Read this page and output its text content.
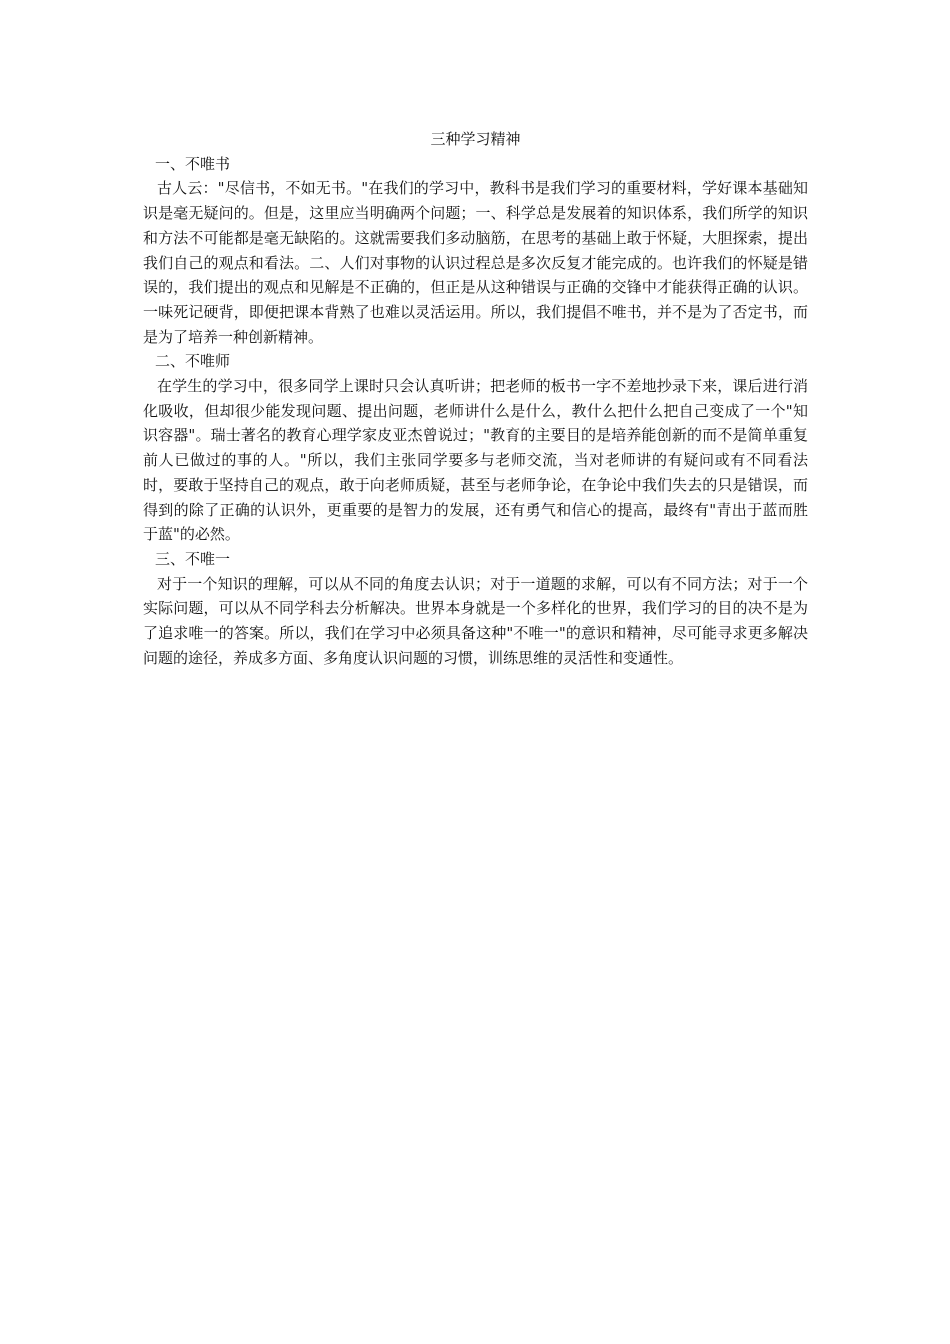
三种学习精神
一、不唯书

古人云："尽信书，不如无书。"在我们的学习中，教科书是我们学习的重要材料，学好课本基础知识是毫无疑问的。但是，这里应当明确两个问题；一、科学总是发展着的知识体系，我们所学的知识和方法不可能都是毫无缺陷的。这就需要我们多动脑筋，在思考的基础上敢于怀疑，大胆探索，提出我们自己的观点和看法。二、人们对事物的认识过程总是多次反复才能完成的。也许我们的怀疑是错误的，我们提出的观点和见解是不正确的，但正是从这种错误与正确的交锋中才能获得正确的认识。一味死记硬背，即便把课本背熟了也难以灵活运用。所以，我们提倡不唯书，并不是为了否定书，而是为了培养一种创新精神。

二、不唯师

在学生的学习中，很多同学上课时只会认真听讲；把老师的板书一字不差地抄录下来，课后进行消化吸收，但却很少能发现问题、提出问题，老师讲什么是什么，教什么把什么把自己变成了一个"知识容器"。瑞士著名的教育心理学家皮亚杰曾说过；"教育的主要目的是培养能创新的而不是简单重复前人已做过的事的人。"所以，我们主张同学要多与老师交流，当对老师讲的有疑问或有不同看法时，要敢于坚持自己的观点，敢于向老师质疑，甚至与老师争论，在争论中我们失去的只是错误，而得到的除了正确的认识外，更重要的是智力的发展，还有勇气和信心的提高，最终有"青出于蓝而胜于蓝"的必然。

三、不唯一

对于一个知识的理解，可以从不同的角度去认识；对于一道题的求解，可以有不同方法；对于一个实际问题，可以从不同学科去分析解决。世界本身就是一个多样化的世界，我们学习的目的决不是为了追求唯一的答案。所以，我们在学习中必须具备这种"不唯一"的意识和精神，尽可能寻求更多解决问题的途径，养成多方面、多角度认识问题的习惯，训练思维的灵活性和变通性。
